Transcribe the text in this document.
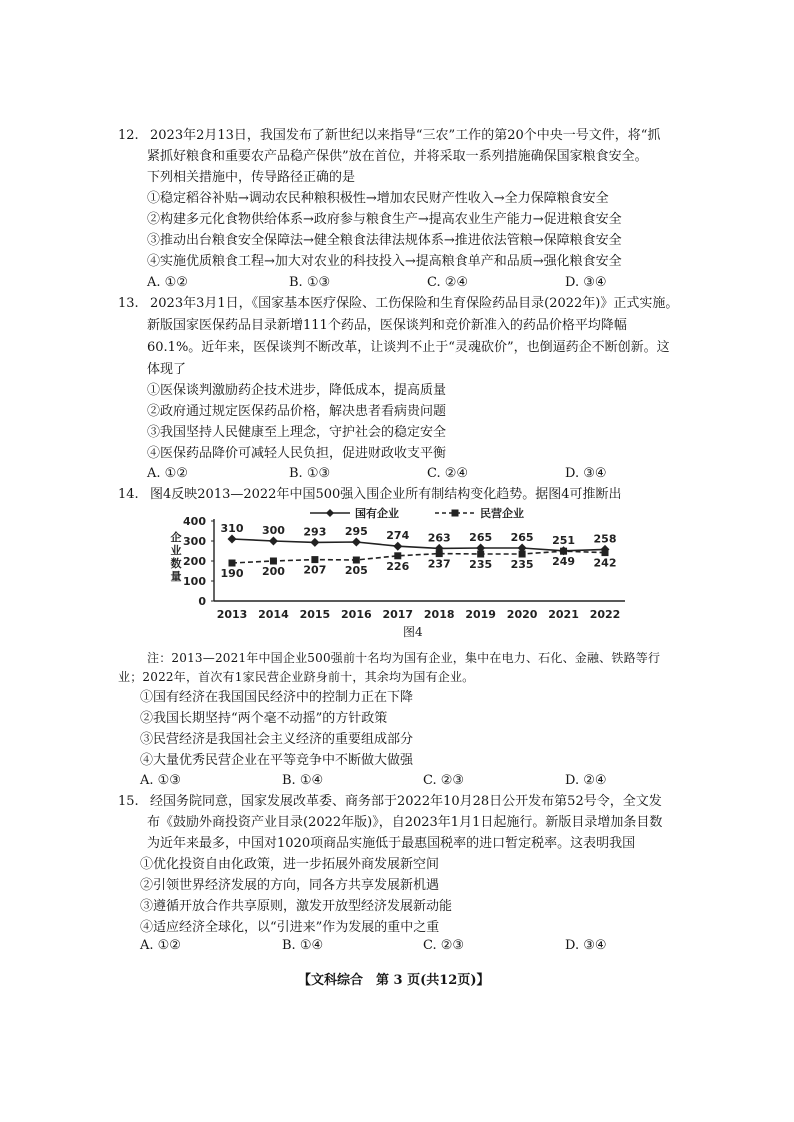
12. 2023年2月13日，我国发布了新世纪以来指导“三农”工作的第20个中央一号文件，将“抓
紧抓好粮食和重要农产品稳产保供”放在首位，并将采取一系列措施确保国家粮食安全。
下列相关措施中，传导路径正确的是
①稳定稻谷补贴→调动农民种粮积极性→增加农民财产性收入→全力保障粮食安全
②构建多元化食物供给体系→政府参与粮食生产→提高农业生产能力→促进粮食安全
③推动出台粮食安全保障法→健全粮食法律法规体系→推进依法管粮→保障粮食安全
④实施优质粮食工程→加大对农业的科技投入→提高粮食单产和品质→强化粮食安全
A. ①②	B. ①③	C. ②④	D. ③④
13. 2023年3月1日，《国家基本医疗保险、工伤保险和生育保险药品目录(2022年)》正式实施。
新版国家医保药品目录新增111个药品，医保谈判和竞价新准入的药品价格平均降幅
60.1%。近年来，医保谈判不断改革，让谈判不止于“灵魂砍价”，也倒逼药企不断创新。这
体现了
①医保谈判激励药企技术进步，降低成本，提高质量
②政府通过规定医保药品价格，解决患者看病贵问题
③我国坚持人民健康至上理念，守护社会的稳定安全
④医保药品降价可减轻人民负担，促进财政收支平衡
A. ①②	B. ①③	C. ②④	D. ③④
14. 图4反映2013—2022年中国500强入围企业所有制结构变化趋势。据图4可推断出
0
100
200
300
400
企
业
数
量
2013 2014 2015 2016 2017 2018 2019 2020 2021 2022
国有企业	民营企业
310 300 293 295 274 263 265 265 251 258
190 200 207 205 226 237 235 235 249 242
图4
注：2013—2021年中国企业500强前十名均为国有企业，集中在电力、石化、金融、铁路等行
业；2022年，首次有1家民营企业跻身前十，其余均为国有企业。
①国有经济在我国国民经济中的控制力正在下降
②我国长期坚持“两个毫不动摇”的方针政策
③民营经济是我国社会主义经济的重要组成部分
④大量优秀民营企业在平等竞争中不断做大做强
A. ①③	B. ①④	C. ②③	D. ②④
15. 经国务院同意，国家发展改革委、商务部于2022年10月28日公开发布第52号令，全文发
布《鼓励外商投资产业目录(2022年版)》，自2023年1月1日起施行。新版目录增加条目数
为近年来最多，中国对1020项商品实施低于最惠国税率的进口暂定税率。这表明我国
①优化投资自由化政策，进一步拓展外商发展新空间
②引领世界经济发展的方向，同各方共享发展新机遇
③遵循开放合作共享原则，激发开放型经济发展新动能
④适应经济全球化，以“引进来”作为发展的重中之重
A. ①②	B. ①④	C. ②③	D. ③④
【文科综合　第 3 页(共12页)】
